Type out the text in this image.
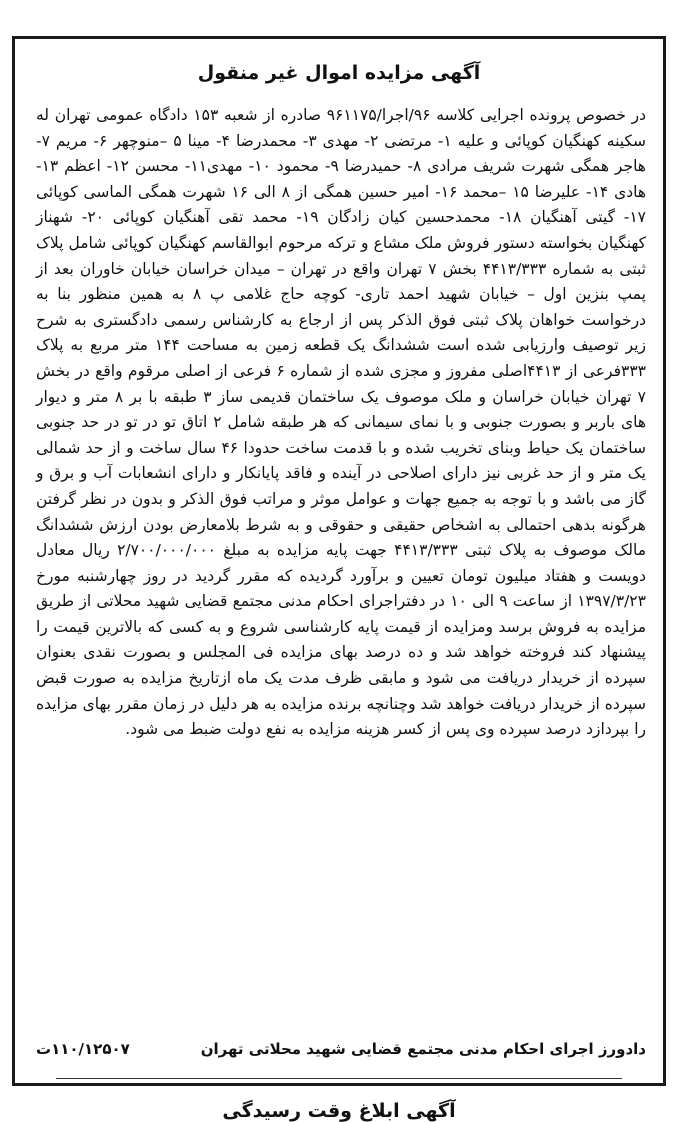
آگهی مزایده اموال غیر منقول

در خصوص پرونده اجرایی کلاسه ۹۶/اجرا/۹۶۱۱۷۵ صادره از شعبه ۱۵۳ دادگاه عمومی تهران له سکینه کهنگیان کوپائی و علیه ۱- مرتضی ۲- مهدی ۳- محمدرضا ۴- مینا ۵ –منوچهر ۶- مریم ۷- هاجر همگی شهرت شریف مرادی ۸- حمیدرضا ۹- محمود ۱۰- مهدی۱۱- محسن ۱۲- اعظم ۱۳-هادی ۱۴- علیرضا ۱۵ –محمد ۱۶- امیر حسین همگی از ۸ الی ۱۶ شهرت همگی الماسی کوپائی ۱۷- گیتی آهنگیان ۱۸- محمدحسین کیان زادگان ۱۹- محمد تقی آهنگیان کوپائی ۲۰- شهناز کهنگیان بخواسته دستور فروش ملک مشاع و ترکه مرحوم ابوالقاسم کهنگیان کوپائی شامل پلاک ثبتی به شماره ۴۴۱۳/۳۳۳ بخش ۷ تهران واقع در تهران – میدان خراسان خیابان خاوران بعد از پمپ بنزین اول – خیابان شهید احمد تاری- کوچه حاج غلامی پ ۸ به همین منظور بنا به درخواست خواهان پلاک ثبتی فوق الذکر پس از ارجاع به کارشناس رسمی دادگستری به شرح زیر توصیف وارزیابی شده است ششدانگ یک قطعه زمین به مساحت ۱۴۴ متر مربع به پلاک ۳۳۳فرعی از ۴۴۱۳اصلی مفروز و مجزی شده از شماره ۶ فرعی از اصلی مرقوم واقع در بخش ۷ تهران خیابان خراسان و ملک موصوف یک ساختمان قدیمی ساز ۳ طبقه با بر ۸ متر و دیوار های باربر و بصورت جنوبی و با نمای سیمانی که هر طبقه شامل ۲ اتاق تو در تو در حد جنوبی ساختمان یک حیاط وبنای تخریب شده و با قدمت ساخت حدودا ۴۶ سال ساخت و از حد شمالی یک متر و از حد غربی نیز دارای اصلاحی در آینده و فاقد پایانکار و دارای انشعابات آب و برق و گاز می باشد و با توجه به جمیع جهات و عوامل موثر و مراتب فوق الذکر و بدون در نظر گرفتن هرگونه بدهی احتمالی به اشخاص حقیقی و حقوقی و به شرط بلامعارض بودن ارزش ششدانگ مالک موصوف به پلاک ثبتی ۴۴۱۳/۳۳۳ جهت پایه مزایده به مبلغ ۲/۷۰۰/۰۰۰/۰۰۰ ریال معادل دویست و هفتاد میلیون تومان تعیین و برآورد گردیده که مقرر گردید در روز چهارشنبه مورخ ۱۳۹۷/۳/۲۳ از ساعت ۹ الی ۱۰ در دفتراجرای احکام مدنی مجتمع قضایی شهید محلاتی از طریق مزایده به فروش برسد ومزایده از قیمت پایه کارشناسی شروع و به کسی که بالاترین قیمت را پیشنهاد کند فروخته خواهد شد و ده درصد بهای مزایده فی المجلس و بصورت نقدی بعنوان سپرده از خریدار دریافت می شود و مابقی ظرف مدت یک ماه ازتاریخ مزایده به صورت قبض سپرده از خریدار دریافت خواهد شد وچنانچه برنده مزایده به هر دلیل در زمان مقرر بهای مزایده را بپردازد درصد سپرده وی پس از کسر هزینه مزایده به نفع دولت ضبط می شود.

دادورز اجرای احکام مدنی مجتمع قضایی شهید محلاتی تهران
۱۱۰/۱۲۵۰۷ت
آگهی ابلاغ وقت رسیدگی
